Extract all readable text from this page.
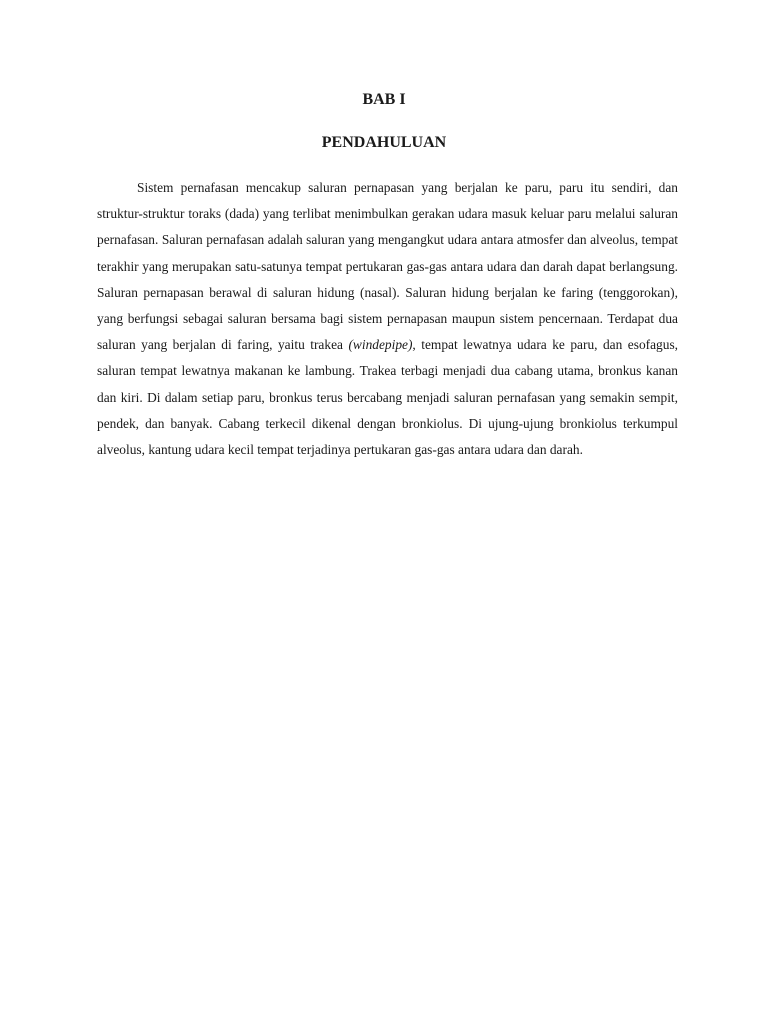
BAB I
PENDAHULUAN

Sistem pernafasan mencakup saluran pernapasan yang berjalan ke paru, paru itu sendiri, dan struktur-struktur toraks (dada) yang terlibat menimbulkan gerakan udara masuk keluar paru melalui saluran pernafasan. Saluran pernafasan adalah saluran yang mengangkut udara antara atmosfer dan alveolus, tempat terakhir yang merupakan satu-satunya tempat pertukaran gas-gas antara udara dan darah dapat berlangsung. Saluran pernapasan berawal di saluran hidung (nasal). Saluran hidung berjalan ke faring (tenggorokan), yang berfungsi sebagai saluran bersama bagi sistem pernapasan maupun sistem pencernaan. Terdapat dua saluran yang berjalan di faring, yaitu trakea (windepipe), tempat lewatnya udara ke paru, dan esofagus, saluran tempat lewatnya makanan ke lambung. Trakea terbagi menjadi dua cabang utama, bronkus kanan dan kiri. Di dalam setiap paru, bronkus terus bercabang menjadi saluran pernafasan yang semakin sempit, pendek, dan banyak. Cabang terkecil dikenal dengan bronkiolus. Di ujung-ujung bronkiolus terkumpul alveolus, kantung udara kecil tempat terjadinya pertukaran gas-gas antara udara dan darah.
